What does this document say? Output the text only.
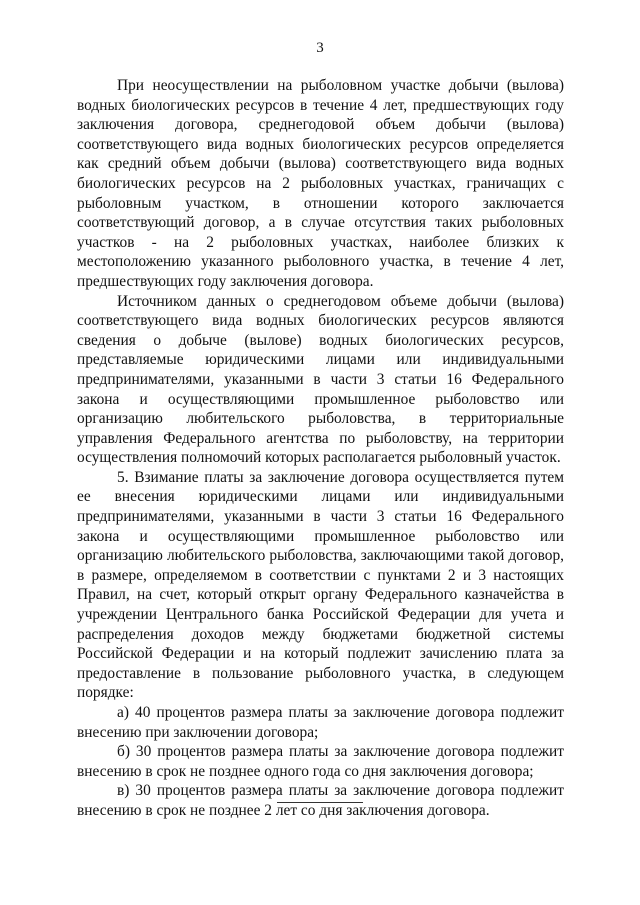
3

При неосуществлении на рыболовном участке добычи (вылова) водных биологических ресурсов в течение 4 лет, предшествующих году заключения договора, среднегодовой объем добычи (вылова) соответствующего вида водных биологических ресурсов определяется как средний объем добычи (вылова) соответствующего вида водных биологических ресурсов на 2 рыболовных участках, граничащих с рыболовным участком, в отношении которого заключается соответствующий договор, а в случае отсутствия таких рыболовных участков - на 2 рыболовных участках, наиболее близких к местоположению указанного рыболовного участка, в течение 4 лет, предшествующих году заключения договора.

Источником данных о среднегодовом объеме добычи (вылова) соответствующего вида водных биологических ресурсов являются сведения о добыче (вылове) водных биологических ресурсов, представляемые юридическими лицами или индивидуальными предпринимателями, указанными в части 3 статьи 16 Федерального закона и осуществляющими промышленное рыболовство или организацию любительского рыболовства, в территориальные управления Федерального агентства по рыболовству, на территории осуществления полномочий которых располагается рыболовный участок.

5. Взимание платы за заключение договора осуществляется путем ее внесения юридическими лицами или индивидуальными предпринимателями, указанными в части 3 статьи 16 Федерального закона и осуществляющими промышленное рыболовство или организацию любительского рыболовства, заключающими такой договор, в размере, определяемом в соответствии с пунктами 2 и 3 настоящих Правил, на счет, который открыт органу Федерального казначейства в учреждении Центрального банка Российской Федерации для учета и распределения доходов между бюджетами бюджетной системы Российской Федерации и на который подлежит зачислению плата за предоставление в пользование рыболовного участка, в следующем порядке:

а) 40 процентов размера платы за заключение договора подлежит внесению при заключении договора;

б) 30 процентов размера платы за заключение договора подлежит внесению в срок не позднее одного года со дня заключения договора;

в) 30 процентов размера платы за заключение договора подлежит внесению в срок не позднее 2 лет со дня заключения договора.
